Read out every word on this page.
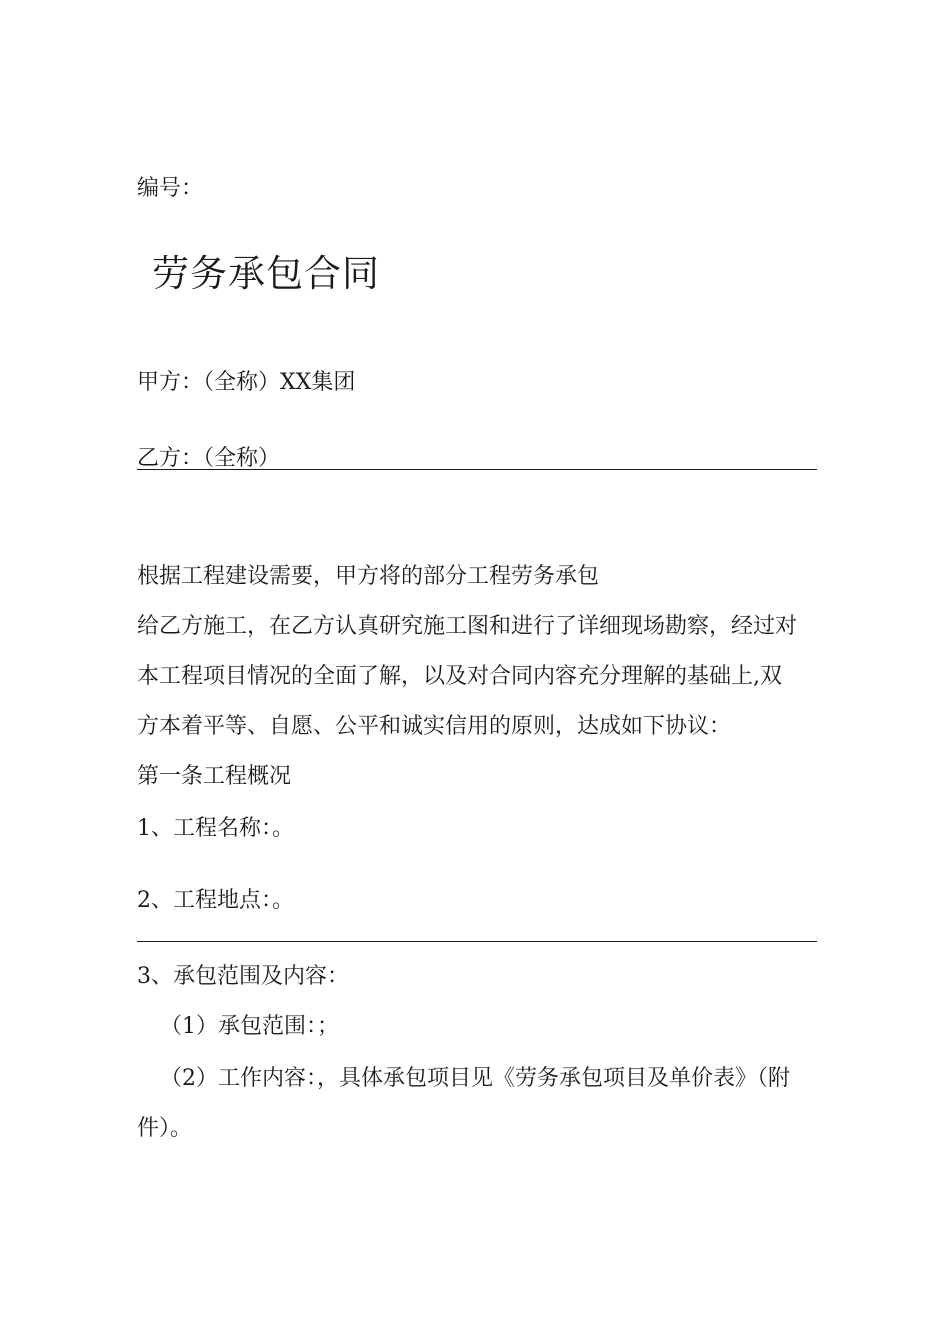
编号：
劳务承包合同
甲方：（全称）XX集团
乙方：（全称）
根据工程建设需要，甲方将的部分工程劳务承包
给乙方施工，在乙方认真研究施工图和进行了详细现场勘察，经过对
本工程项目情况的全面了解，以及对合同内容充分理解的基础上,双
方本着平等、自愿、公平和诚实信用的原则，达成如下协议：
第一条工程概况
1、工程名称：。
2、工程地点：。
3、承包范围及内容：
（1）承包范围：；
（2）工作内容：，具体承包项目见《劳务承包项目及单价表》（附
件）。
